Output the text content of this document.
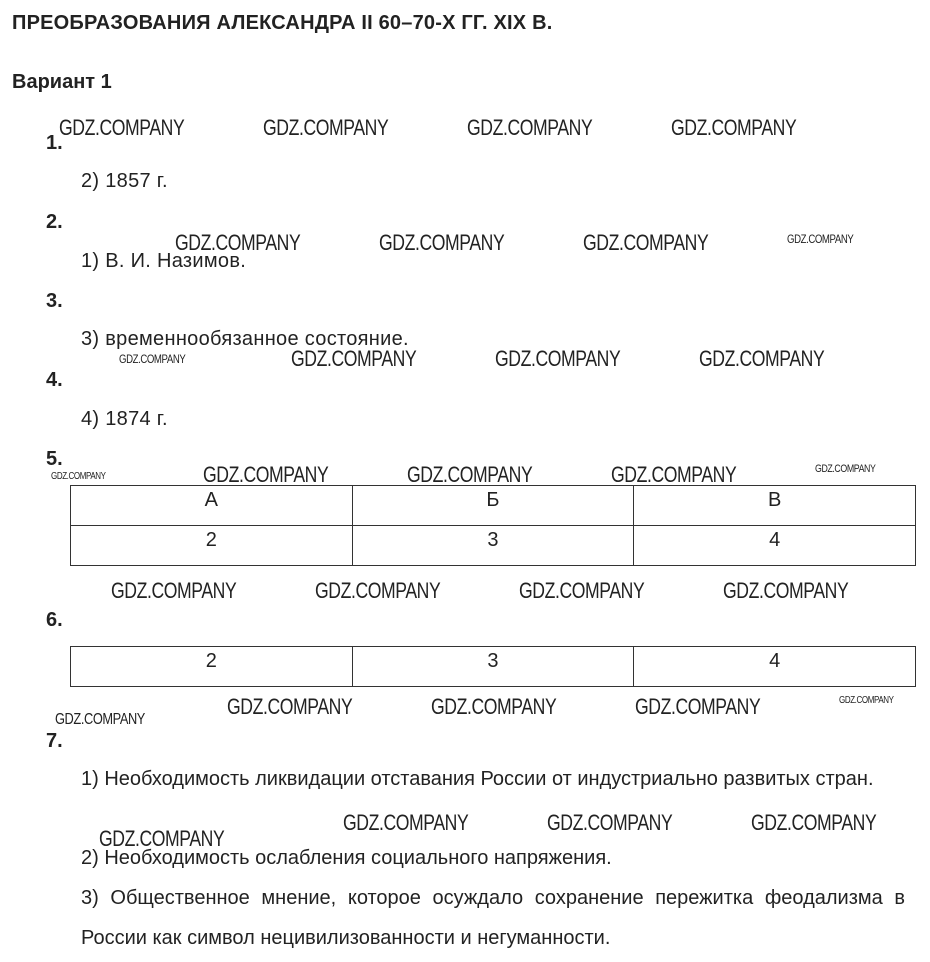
ПРЕОБРАЗОВАНИЯ АЛЕКСАНДРА II 60–70-Х ГГ. XIX В.
Вариант 1
1.
2) 1857 г.
2.
1) В. И. Назимов.
3.
3) временнообязанное состояние.
4.
4) 1874 г.
5.
А	Б	В
2	3	4
6.
2	3	4
7.
1) Необходимость ликвидации отставания России от индустриально развитых стран.
2) Необходимость ослабления социального напряжения.
3) Общественное мнение, которое осуждало сохранение пережитка феодализма в России как символ нецивилизованности и негуманности.
GDZ.COMPANY	GDZ.COMPANY	GDZ.COMPANY	GDZ.COMPANY
GDZ.COMPANY	GDZ.COMPANY	GDZ.COMPANY	GDZ.COMPANY
GDZ.COMPANY	GDZ.COMPANY	GDZ.COMPANY	GDZ.COMPANY
GDZ.COMPANY	GDZ.COMPANY	GDZ.COMPANY	GDZ.COMPANY	GDZ.COMPANY
GDZ.COMPANY	GDZ.COMPANY	GDZ.COMPANY	GDZ.COMPANY
GDZ.COMPANY
GDZ.COMPANY	GDZ.COMPANY	GDZ.COMPANY	GDZ.COMPANY
GDZ.COMPANY
GDZ.COMPANY	GDZ.COMPANY	GDZ.COMPANY
